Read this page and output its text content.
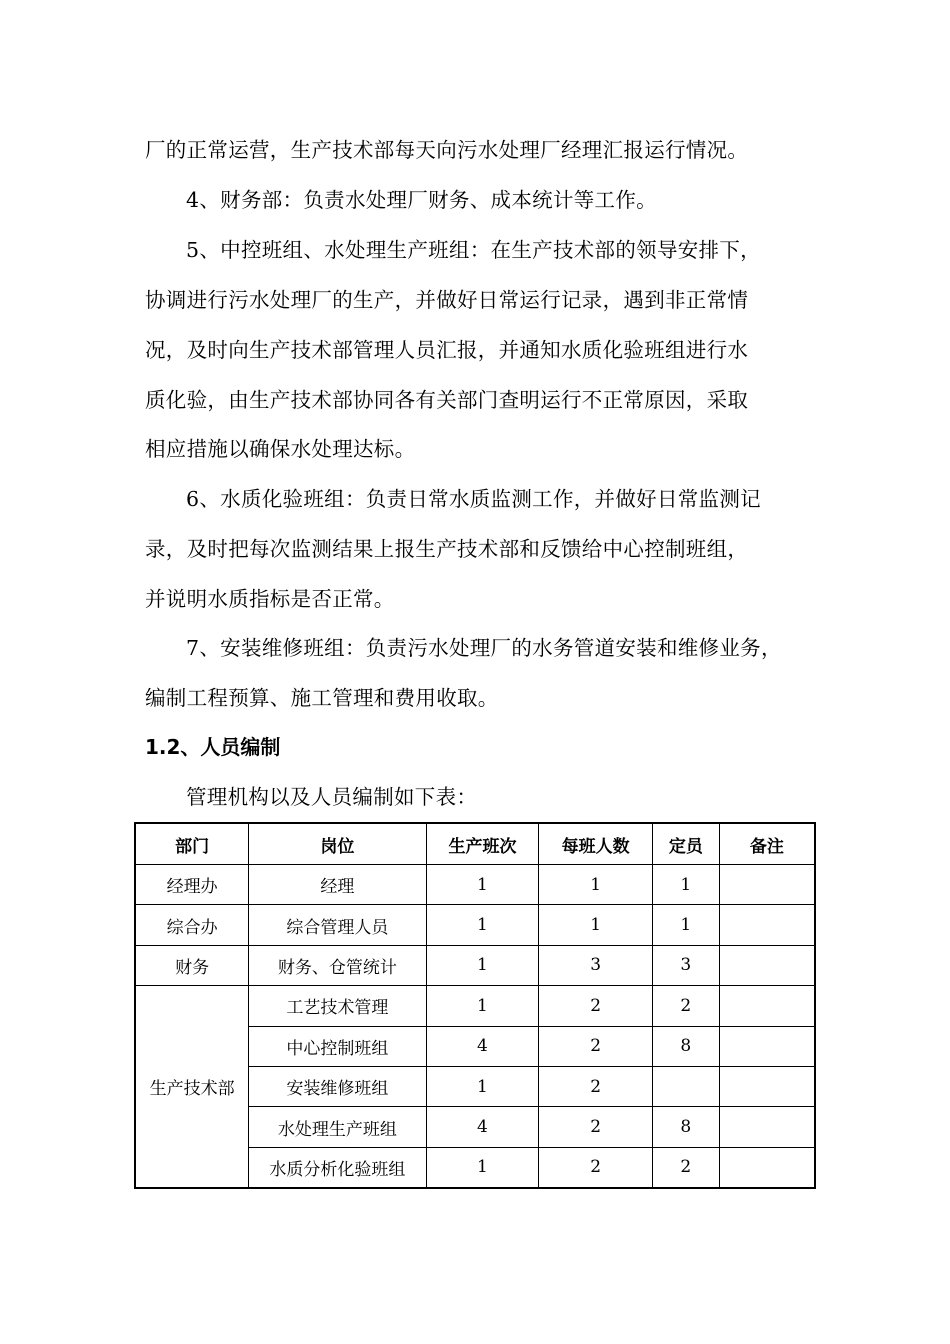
厂的正常运营，生产技术部每天向污水处理厂经理汇报运行情况。
4、财务部：负责水处理厂财务、成本统计等工作。
5、中控班组、水处理生产班组：在生产技术部的领导安排下，
协调进行污水处理厂的生产，并做好日常运行记录，遇到非正常情
况，及时向生产技术部管理人员汇报，并通知水质化验班组进行水
质化验，由生产技术部协同各有关部门查明运行不正常原因，采取
相应措施以确保水处理达标。
6、水质化验班组：负责日常水质监测工作，并做好日常监测记
录，及时把每次监测结果上报生产技术部和反馈给中心控制班组，
并说明水质指标是否正常。
7、安装维修班组：负责污水处理厂的水务管道安装和维修业务，
编制工程预算、施工管理和费用收取。
1.2、人员编制
管理机构以及人员编制如下表：
部门	岗位	生产班次	每班人数	定员	备注
经理办	经理	1	1	1	
综合办	综合管理人员	1	1	1	
财务	财务、仓管统计	1	3	3	
生产技术部	工艺技术管理	1	2	2	
	中心控制班组	4	2	8	
	安装维修班组	1	2		
	水处理生产班组	4	2	8	
	水质分析化验班组	1	2	2	
